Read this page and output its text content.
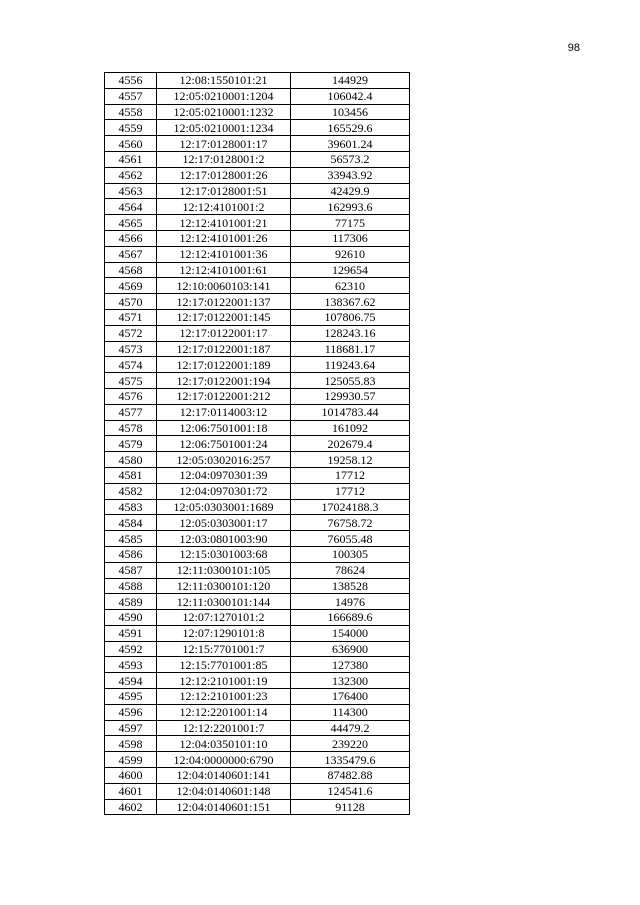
98
4556	12:08:1550101:21	144929
4557	12:05:0210001:1204	106042.4
4558	12:05:0210001:1232	103456
4559	12:05:0210001:1234	165529.6
4560	12:17:0128001:17	39601.24
4561	12:17:0128001:2	56573.2
4562	12:17:0128001:26	33943.92
4563	12:17:0128001:51	42429.9
4564	12:12:4101001:2	162993.6
4565	12:12:4101001:21	77175
4566	12:12:4101001:26	117306
4567	12:12:4101001:36	92610
4568	12:12:4101001:61	129654
4569	12:10:0060103:141	62310
4570	12:17:0122001:137	138367.62
4571	12:17:0122001:145	107806.75
4572	12:17:0122001:17	128243.16
4573	12:17:0122001:187	118681.17
4574	12:17:0122001:189	119243.64
4575	12:17:0122001:194	125055.83
4576	12:17:0122001:212	129930.57
4577	12:17:0114003:12	1014783.44
4578	12:06:7501001:18	161092
4579	12:06:7501001:24	202679.4
4580	12:05:0302016:257	19258.12
4581	12:04:0970301:39	17712
4582	12:04:0970301:72	17712
4583	12:05:0303001:1689	17024188.3
4584	12:05:0303001:17	76758.72
4585	12:03:0801003:90	76055.48
4586	12:15:0301003:68	100305
4587	12:11:0300101:105	78624
4588	12:11:0300101:120	138528
4589	12:11:0300101:144	14976
4590	12:07:1270101:2	166689.6
4591	12:07:1290101:8	154000
4592	12:15:7701001:7	636900
4593	12:15:7701001:85	127380
4594	12:12:2101001:19	132300
4595	12:12:2101001:23	176400
4596	12:12:2201001:14	114300
4597	12:12:2201001:7	44479.2
4598	12:04:0350101:10	239220
4599	12:04:0000000:6790	1335479.6
4600	12:04:0140601:141	87482.88
4601	12:04:0140601:148	124541.6
4602	12:04:0140601:151	91128
